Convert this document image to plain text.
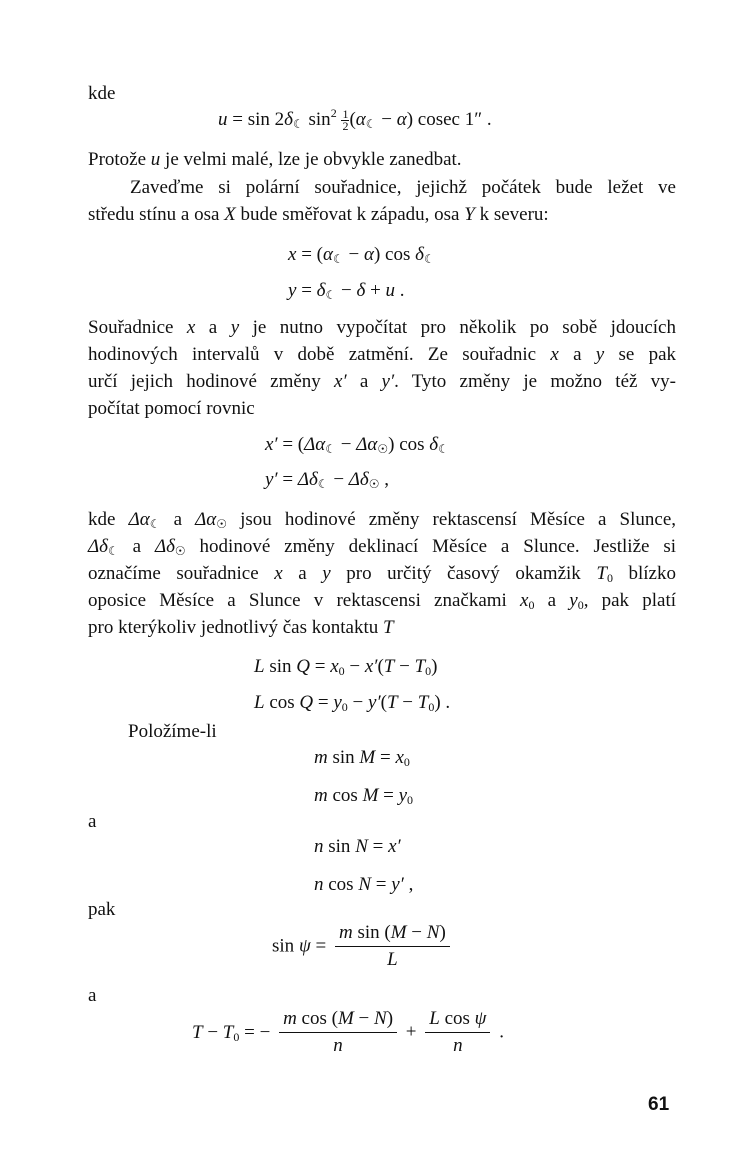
kde
$u = \sin 2\delta_☾$ $\sin^2 \frac{1}{2} (\alpha_☾ - \alpha)$ cosec 1″ .
Protože u je velmi malé, lze je obvykle zanedbat.
Zaveďme si polární souřadnice, jejichž počátek bude ležet ve
středu stínu a osa X bude směřovat k západu, osa Y k severu:
$x = (\alpha_☾ - \alpha)$ $\cos \delta_☾$
$y = \delta_☾ - \delta + u$ .
Souřadnice x a y je nutno vypočítat pro několik po sobě jdoucích
hodinových intervalů v době zatmění. Ze souřadnic x a y se pak
určí jejich hodinové změny x′ a y′. Tyto změny je možno též vy-
počítat pomocí rovnic
$x' = (\Delta\alpha_☾ - \Delta\alpha_☉)$ $\cos \delta_☾$
$y' = \Delta\delta_☾ - \Delta\delta_☉$ ,
kde $\Delta\alpha_☾$ a $\Delta\alpha_☉$ jsou hodinové změny rektascensí Měsíce a Slunce,
$\Delta\delta_☾$ a $\Delta\delta_☉$ hodinové změny deklinací Měsíce a Slunce. Jestliže si
označíme souřadnice x a y pro určitý časový okamžik $T_0$ blízko
oposice Měsíce a Slunce v rektascensi značkami $x_0$ a $y_0$, pak platí
pro kterýkoliv jednotlivý čas kontaktu T
L $\sin Q = x_0 - x'(T - T_0)$
L $\cos Q = y_0 - y'(T - T_0)$ .
Položíme-li
m $\sin M = x_0$
m $\cos M = y_0$
a
n sin N = x′
n cos N = y′ ,
pak
$\sin \psi = \frac{\text{m sin (M − N)}}{L}$
a
$T - T_0$ = − $\frac{\text{m cos (M − N)}}{n} + \frac{\text{L cos ψ}}{n}$ .
61
